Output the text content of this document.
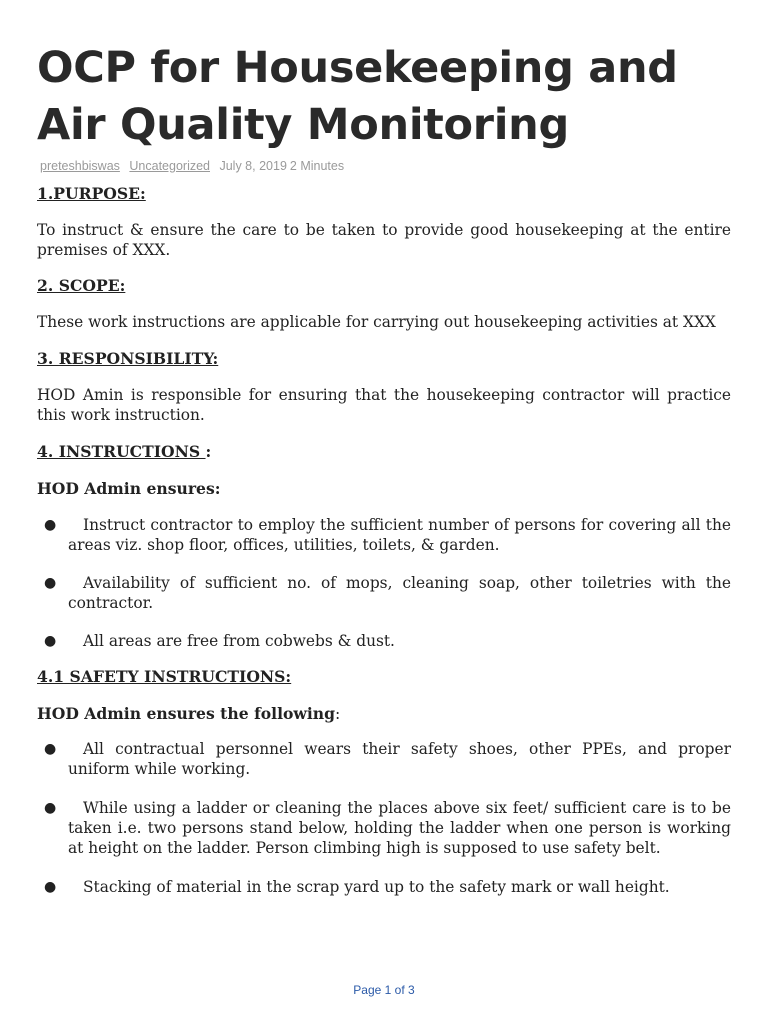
OCP for Housekeeping and Air Quality Monitoring
preteshbiswas Uncategorized July 8, 2019 2 Minutes
1.PURPOSE:

To instruct & ensure the care to be taken to provide good housekeeping at the entire premises of XXX.

2. SCOPE:

These work instructions are applicable for carrying out housekeeping activities at XXX

3. RESPONSIBILITY:

HOD Amin is responsible for ensuring that the housekeeping contractor will practice this work instruction.

4. INSTRUCTIONS :
HOD Admin ensures:
●	Instruct contractor to employ the sufficient number of persons for covering all the areas viz. shop floor, offices, utilities, toilets, & garden.
●	Availability of sufficient no. of mops, cleaning soap, other toiletries with the contractor.
●	All areas are free from cobwebs & dust.
4.1 SAFETY INSTRUCTIONS:
HOD Admin ensures the following:
●	All contractual personnel wears their safety shoes, other PPEs, and proper uniform while working.
●	While using a ladder or cleaning the places above six feet/ sufficient care is to be taken i.e. two persons stand below, holding the ladder when one person is working at height on the ladder. Person climbing high is supposed to use safety belt.
●	Stacking of material in the scrap yard up to the safety mark or wall height.
Page 1 of 3
